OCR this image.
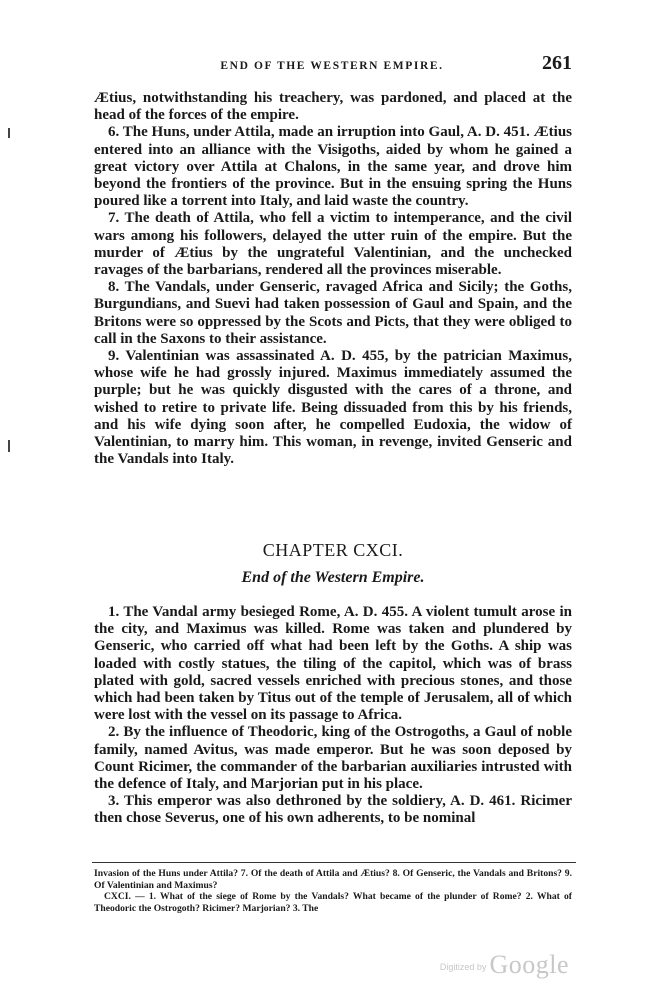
END OF THE WESTERN EMPIRE.	261

Ætius, notwithstanding his treachery, was pardoned, and placed at the head of the forces of the empire.

6. The Huns, under Attila, made an irruption into Gaul, A. D. 451. Ætius entered into an alliance with the Visigoths, aided by whom he gained a great victory over Attila at Chalons, in the same year, and drove him beyond the frontiers of the province. But in the ensuing spring the Huns poured like a torrent into Italy, and laid waste the country.

7. The death of Attila, who fell a victim to intemperance, and the civil wars among his followers, delayed the utter ruin of the empire. But the murder of Ætius by the ungrateful Valentinian, and the unchecked ravages of the barbarians, rendered all the provinces miserable.

8. The Vandals, under Genseric, ravaged Africa and Sicily; the Goths, Burgundians, and Suevi had taken possession of Gaul and Spain, and the Britons were so oppressed by the Scots and Picts, that they were obliged to call in the Saxons to their assistance.

9. Valentinian was assassinated A. D. 455, by the patrician Maximus, whose wife he had grossly injured. Maximus immediately assumed the purple; but he was quickly disgusted with the cares of a throne, and wished to retire to private life. Being dissuaded from this by his friends, and his wife dying soon after, he compelled Eudoxia, the widow of Valentinian, to marry him. This woman, in revenge, invited Genseric and the Vandals into Italy.

CHAPTER CXCI.
End of the Western Empire.

1. The Vandal army besieged Rome, A. D. 455. A violent tumult arose in the city, and Maximus was killed. Rome was taken and plundered by Genseric, who carried off what had been left by the Goths. A ship was loaded with costly statues, the tiling of the capitol, which was of brass plated with gold, sacred vessels enriched with precious stones, and those which had been taken by Titus out of the temple of Jerusalem, all of which were lost with the vessel on its passage to Africa.

2. By the influence of Theodoric, king of the Ostrogoths, a Gaul of noble family, named Avitus, was made emperor. But he was soon deposed by Count Ricimer, the commander of the barbarian auxiliaries intrusted with the defence of Italy, and Marjorian put in his place.

3. This emperor was also dethroned by the soldiery, A. D. 461. Ricimer then chose Severus, one of his own adherents, to be nominal

Invasion of the Huns under Attila? 7. Of the death of Attila and Ætius? 8. Of Genseric, the Vandals and Britons? 9. Of Valentinian and Maximus?

CXCI. — 1. What of the siege of Rome by the Vandals? What became of the plunder of Rome? 2. What of Theodoric the Ostrogoth? Ricimer? Marjorian? 3. The

Digitized by Google
